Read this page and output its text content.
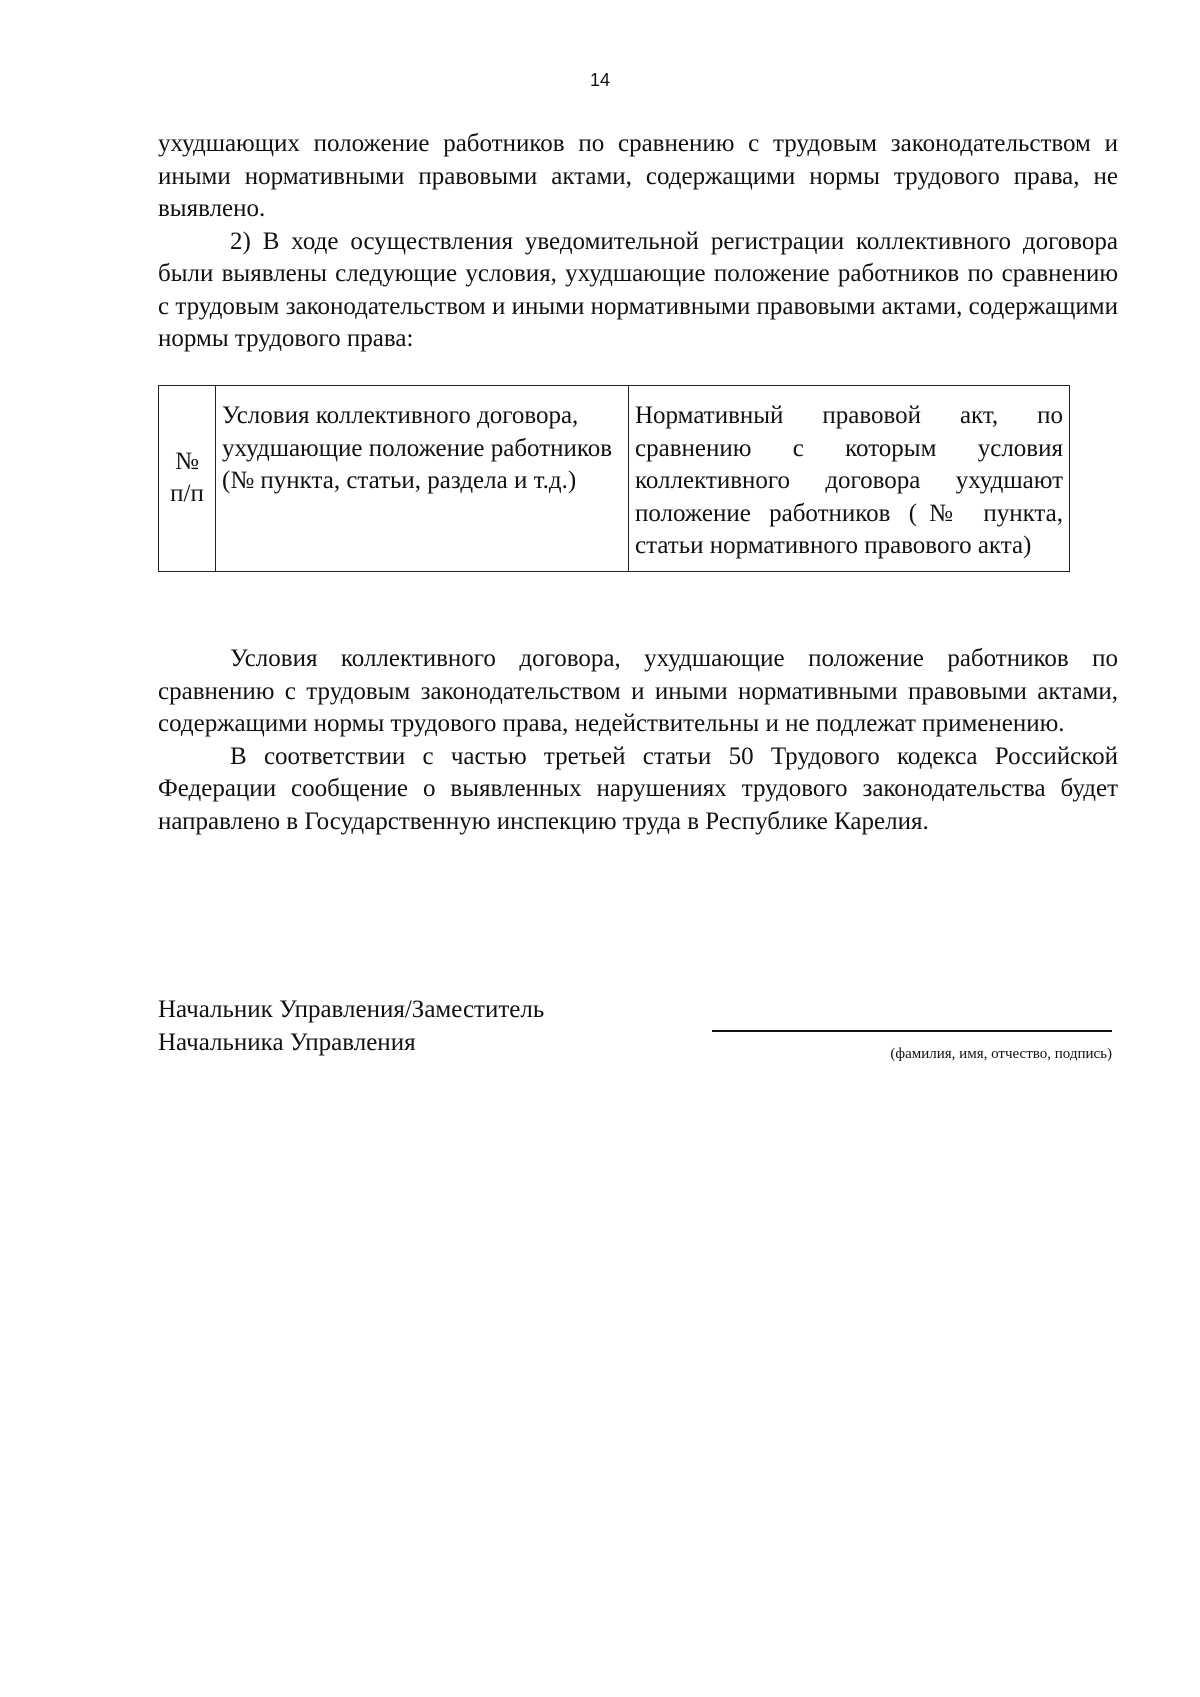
14

ухудшающих положение работников по сравнению с трудовым законодательством и иными нормативными правовыми актами, содержащими нормы трудового права, не выявлено.

2) В ходе осуществления уведомительной регистрации коллективного договора были выявлены следующие условия, ухудшающие положение работников по сравнению с трудовым законодательством и иными нормативными правовыми актами, содержащими нормы трудового права:

№ п/п	Условия коллективного договора, ухудшающие положение работников (№ пункта, статьи, раздела и т.д.)	Нормативный правовой акт, по сравнению с которым условия коллективного договора ухудшают положение работников (№ пункта, статьи нормативного правового акта)

Условия коллективного договора, ухудшающие положение работников по сравнению с трудовым законодательством и иными нормативными правовыми актами, содержащими нормы трудового права, недействительны и не подлежат применению.

В соответствии с частью третьей статьи 50 Трудового кодекса Российской Федерации сообщение о выявленных нарушениях трудового законодательства будет направлено в Государственную инспекцию труда в Республике Карелия.

Начальник Управления/Заместитель
Начальника Управления	(фамилия, имя, отчество, подпись)
